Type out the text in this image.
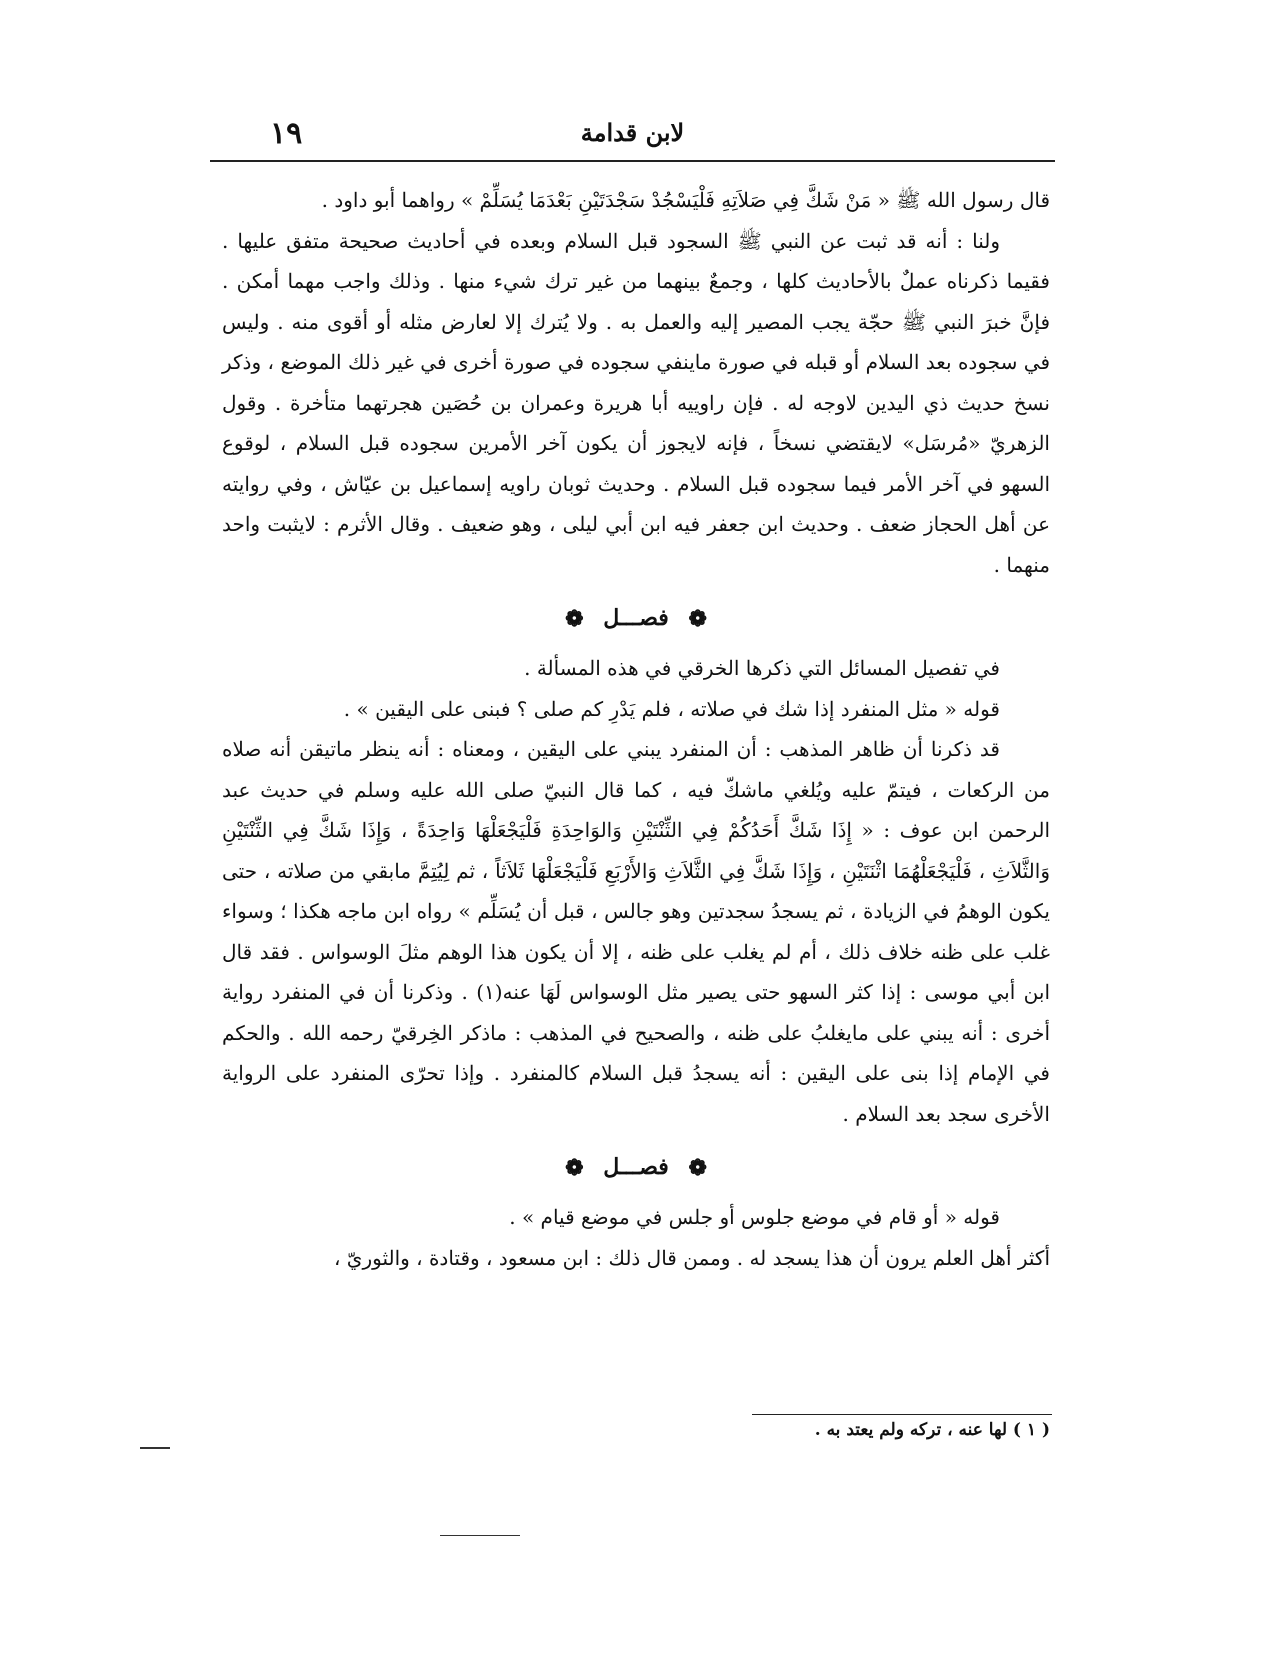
١٩	لابن قدامة

قال رسول الله ﷺ « مَنْ شَكَّ فِي صَلاَتِهِ فَلْيَسْجُدْ سَجْدَتَيْنِ بَعْدَمَا يُسَلِّمْ » رواهما أبو داود .

ولنا : أنه قد ثبت عن النبي ﷺ السجود قبل السلام وبعده في أحاديث صحيحة متفق عليها . فقيما ذكرناه عملٌ بالأحاديث كلها ، وجمعٌ بينهما من غير ترك شيء منها . وذلك واجب مهما أمكن . فإنَّ خبرَ النبي ﷺ حجّة يجب المصير إليه والعمل به . ولا يُترك إلا لعارض مثله أو أقوى منه . وليس في سجوده بعد السلام أو قبله في صورة ماينفي سجوده في صورة أخرى في غير ذلك الموضع ، وذكر نسخ حديث ذي اليدين لاوجه له . فإن راوييه أبا هريرة وعمران بن حُصَين هجرتهما متأخرة . وقول الزهريّ «مُرسَل» لايقتضي نسخاً ، فإنه لايجوز أن يكون آخر الأمرين سجوده قبل السلام ، لوقوع السهو في آخر الأمر فيما سجوده قبل السلام . وحديث ثوبان راويه إسماعيل بن عيّاش ، وفي روايته عن أهل الحجاز ضعف . وحديث ابن جعفر فيه ابن أبي ليلى ، وهو ضعيف . وقال الأثرم : لايثبت واحد منهما .

❁ فصـــل ❁

في تفصيل المسائل التي ذكرها الخرقي في هذه المسألة .

قوله « مثل المنفرد إذا شك في صلاته ، فلم يَدْرِ كم صلى ؟ فبنى على اليقين » .

قد ذكرنا أن ظاهر المذهب : أن المنفرد يبني على اليقين ، ومعناه : أنه ينظر ماتيقن أنه صلاه من الركعات ، فيتمّ عليه ويُلغي ماشكّ فيه ، كما قال النبيّ صلى الله عليه وسلم في حديث عبد الرحمن ابن عوف : « إِذَا شَكَّ أَحَدُكُمْ فِي الثِّنْتَيْنِ وَالوَاحِدَةِ فَلْيَجْعَلْهَا وَاحِدَةً ، وَإِذَا شَكَّ فِي الثِّنْتَيْنِ وَالثَّلاَثِ ، فَلْيَجْعَلْهُمَا اثْنَتَيْنِ ، وَإِذَا شَكَّ فِي الثَّلاَثِ وَالأَرْبَعِ فَلْيَجْعَلْهَا ثَلاَثاً ، ثم لِيُتِمَّ مابقي من صلاته ، حتى يكون الوهمُ في الزيادة ، ثم يسجدُ سجدتين وهو جالس ، قبل أن يُسَلِّم » رواه ابن ماجه هكذا ؛ وسواء غلب على ظنه خلاف ذلك ، أم لم يغلب على ظنه ، إلا أن يكون هذا الوهم مثلَ الوسواس . فقد قال ابن أبي موسى : إذا كثر السهو حتى يصير مثل الوسواس لَهَا عنه(١) . وذكرنا أن في المنفرد رواية أخرى : أنه يبني على مايغلبُ على ظنه ، والصحيح في المذهب : ماذكر الخِرقيّ رحمه الله . والحكم في الإمام إذا بنى على اليقين : أنه يسجدُ قبل السلام كالمنفرد . وإذا تحرّى المنفرد على الرواية الأخرى سجد بعد السلام .

❁ فصـــل ❁

قوله « أو قام في موضع جلوس أو جلس في موضع قيام » .

أكثر أهل العلم يرون أن هذا يسجد له . وممن قال ذلك : ابن مسعود ، وقتادة ، والثوريّ ،

( ١ ) لها عنه ، تركه ولم يعتد به .
